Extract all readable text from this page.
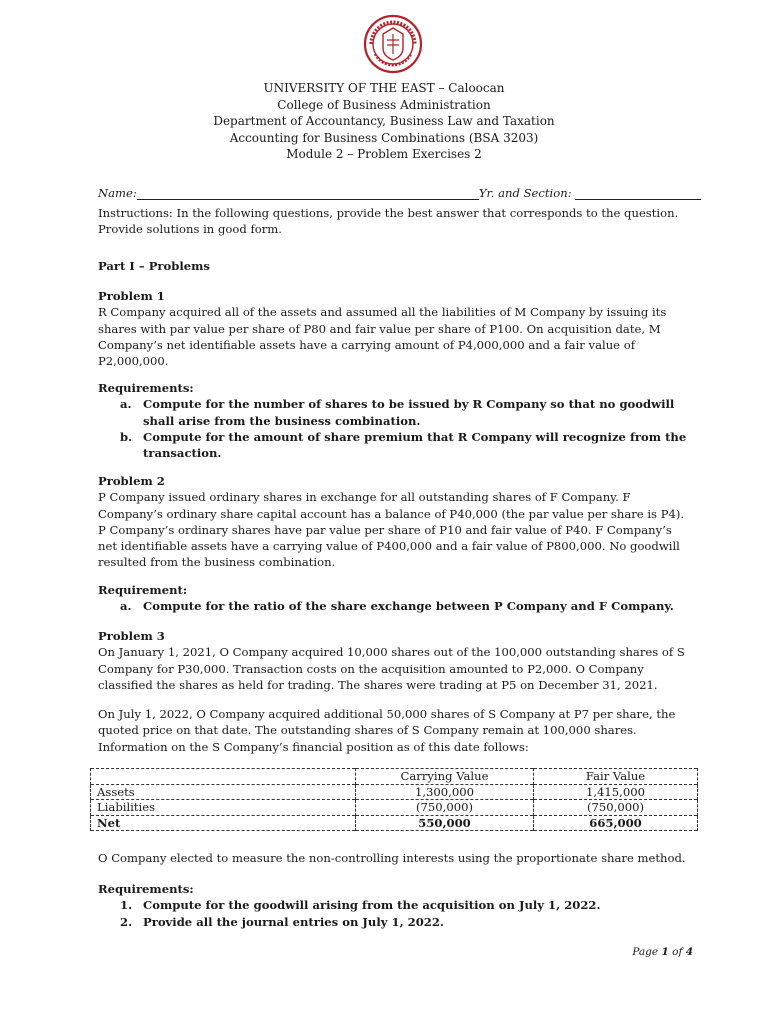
UNIVERSITY OF THE EAST – Caloocan
College of Business Administration
Department of Accountancy, Business Law and Taxation
Accounting for Business Combinations (BSA 3203)
Module 2 – Problem Exercises 2
Name:	Yr. and Section:

Instructions: In the following questions, provide the best answer that corresponds to the question. Provide solutions in good form.

Part I – Problems

Problem 1

R Company acquired all of the assets and assumed all the liabilities of M Company by issuing its shares with par value per share of P80 and fair value per share of P100. On acquisition date, M Company’s net identifiable assets have a carrying amount of P4,000,000 and a fair value of P2,000,000.

Requirements:

a. Compute for the number of shares to be issued by R Company so that no goodwill shall arise from the business combination.
b. Compute for the amount of share premium that R Company will recognize from the transaction.

Problem 2

P Company issued ordinary shares in exchange for all outstanding shares of F Company. F Company’s ordinary share capital account has a balance of P40,000 (the par value per share is P4). P Company’s ordinary shares have par value per share of P10 and fair value of P40. F Company’s net identifiable assets have a carrying value of P400,000 and a fair value of P800,000. No goodwill resulted from the business combination.

Requirement:

a. Compute for the ratio of the share exchange between P Company and F Company.

Problem 3

On January 1, 2021, O Company acquired 10,000 shares out of the 100,000 outstanding shares of S Company for P30,000. Transaction costs on the acquisition amounted to P2,000. O Company classified the shares as held for trading. The shares were trading at P5 on December 31, 2021.

On July 1, 2022, O Company acquired additional 50,000 shares of S Company at P7 per share, the quoted price on that date. The outstanding shares of S Company remain at 100,000 shares. Information on the S Company’s financial position as of this date follows:

	Carrying Value	Fair Value
Assets	1,300,000	1,415,000
Liabilities	(750,000)	(750,000)
Net	550,000	665,000

O Company elected to measure the non-controlling interests using the proportionate share method.

Requirements:

1. Compute for the goodwill arising from the acquisition on July 1, 2022.
2. Provide all the journal entries on July 1, 2022.
Page 1 of 4
